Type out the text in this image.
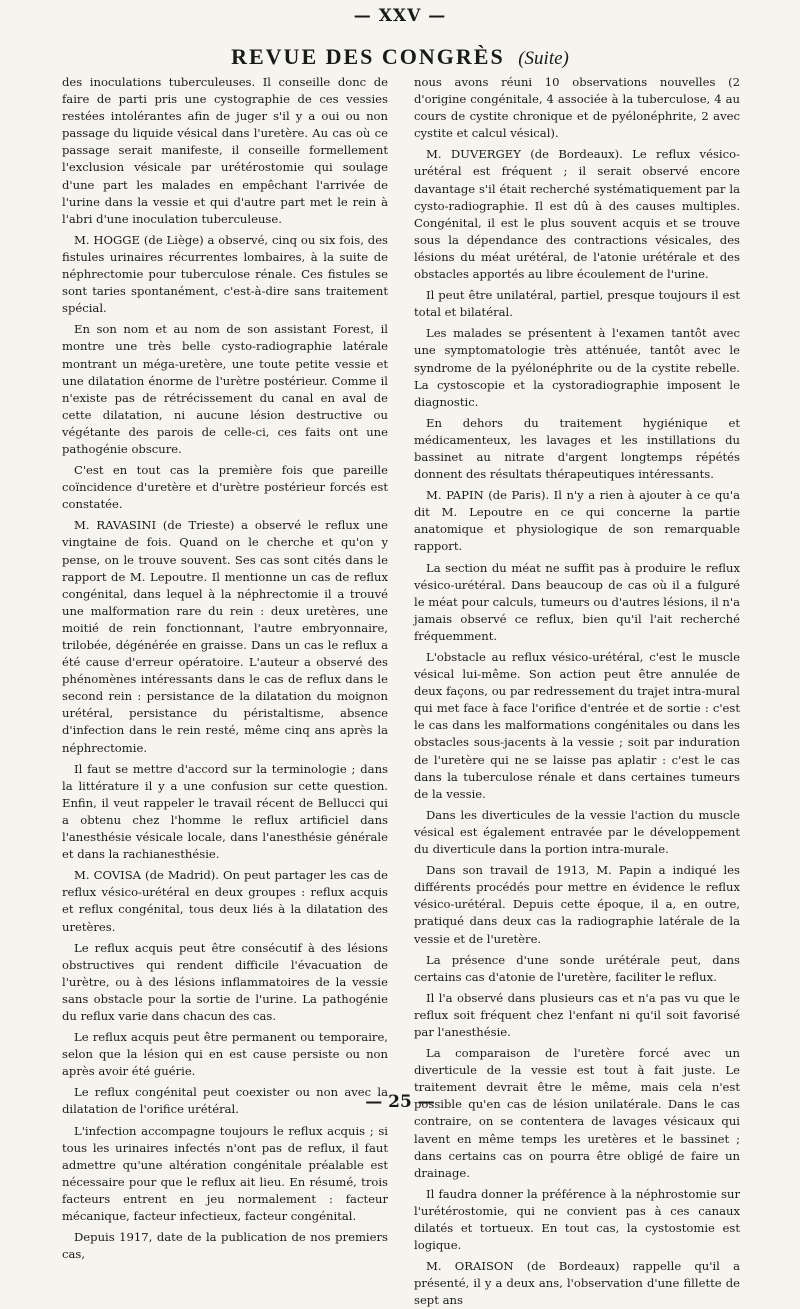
— XXV —
REVUE DES CONGRÈS (Suite)

des inoculations tuberculeuses. Il conseille donc de faire de parti pris une cystographie de ces vessies restées intolérantes afin de juger s'il y a oui ou non passage du liquide vésical dans l'uretère. Au cas où ce passage serait manifeste, il conseille formellement l'exclusion vésicale par urétérostomie qui soulage d'une part les malades en empêchant l'arrivée de l'urine dans la vessie et qui d'autre part met le rein à l'abri d'une inoculation tuberculeuse.

M. HOGGE (de Liège) a observé, cinq ou six fois, des fistules urinaires récurrentes lombaires, à la suite de néphrectomie pour tuberculose rénale. Ces fistules se sont taries spontanément, c'est-à-dire sans traitement spécial.

En son nom et au nom de son assistant Forest, il montre une très belle cysto-radiographie latérale montrant un méga-uretère, une toute petite vessie et une dilatation énorme de l'urètre postérieur. Comme il n'existe pas de rétrécissement du canal en aval de cette dilatation, ni aucune lésion destructive ou végétante des parois de celle-ci, ces faits ont une pathogénie obscure.

C'est en tout cas la première fois que pareille coïncidence d'uretère et d'urètre postérieur forcés est constatée.

M. RAVASINI (de Trieste) a observé le reflux une vingtaine de fois. Quand on le cherche et qu'on y pense, on le trouve souvent. Ses cas sont cités dans le rapport de M. Lepoutre. Il mentionne un cas de reflux congénital, dans lequel à la néphrectomie il a trouvé une malformation rare du rein : deux uretères, une moitié de rein fonctionnant, l'autre embryonnaire, trilobée, dégénérée en graisse. Dans un cas le reflux a été cause d'erreur opératoire. L'auteur a observé des phénomènes intéressants dans le cas de reflux dans le second rein : persistance de la dilatation du moignon urétéral, persistance du péristaltisme, absence d'infection dans le rein resté, même cinq ans après la néphrectomie.

Il faut se mettre d'accord sur la terminologie ; dans la littérature il y a une confusion sur cette question. Enfin, il veut rappeler le travail récent de Bellucci qui a obtenu chez l'homme le reflux artificiel dans l'anesthésie vésicale locale, dans l'anesthésie générale et dans la rachianesthésie.

M. COVISA (de Madrid). On peut partager les cas de reflux vésico-urétéral en deux groupes : reflux acquis et reflux congénital, tous deux liés à la dilatation des uretères.

Le reflux acquis peut être consécutif à des lésions obstructives qui rendent difficile l'évacuation de l'urètre, ou à des lésions inflammatoires de la vessie sans obstacle pour la sortie de l'urine. La pathogénie du reflux varie dans chacun des cas.

Le reflux acquis peut être permanent ou temporaire, selon que la lésion qui en est cause persiste ou non après avoir été guérie.

Le reflux congénital peut coexister ou non avec la dilatation de l'orifice urétéral.

L'infection accompagne toujours le reflux acquis ; si tous les urinaires infectés n'ont pas de reflux, il faut admettre qu'une altération congénitale préalable est nécessaire pour que le reflux ait lieu. En résumé, trois facteurs entrent en jeu normalement : facteur mécanique, facteur infectieux, facteur congénital.

Depuis 1917, date de la publication de nos premiers cas,

nous avons réuni 10 observations nouvelles (2 d'origine congénitale, 4 associée à la tuberculose, 4 au cours de cystite chronique et de pyélonéphrite, 2 avec cystite et calcul vésical).

M. DUVERGEY (de Bordeaux). Le reflux vésico-urétéral est fréquent ; il serait observé encore davantage s'il était recherché systématiquement par la cysto-radiographie. Il est dû à des causes multiples. Congénital, il est le plus souvent acquis et se trouve sous la dépendance des contractions vésicales, des lésions du méat urétéral, de l'atonie urétérale et des obstacles apportés au libre écoulement de l'urine.

Il peut être unilatéral, partiel, presque toujours il est total et bilatéral.

Les malades se présentent à l'examen tantôt avec une symptomatologie très atténuée, tantôt avec le syndrome de la pyélonéphrite ou de la cystite rebelle. La cystoscopie et la cystoradiographie imposent le diagnostic.

En dehors du traitement hygiénique et médicamenteux, les lavages et les instillations du bassinet au nitrate d'argent longtemps répétés donnent des résultats thérapeutiques intéressants.

M. PAPIN (de Paris). Il n'y a rien à ajouter à ce qu'a dit M. Lepoutre en ce qui concerne la partie anatomique et physiologique de son remarquable rapport.

La section du méat ne suffit pas à produire le reflux vésico-urétéral. Dans beaucoup de cas où il a fulguré le méat pour calculs, tumeurs ou d'autres lésions, il n'a jamais observé ce reflux, bien qu'il l'ait recherché fréquemment.

L'obstacle au reflux vésico-urétéral, c'est le muscle vésical lui-même. Son action peut être annulée de deux façons, ou par redressement du trajet intra-mural qui met face à face l'orifice d'entrée et de sortie : c'est le cas dans les malformations congénitales ou dans les obstacles sous-jacents à la vessie ; soit par induration de l'uretère qui ne se laisse pas aplatir : c'est le cas dans la tuberculose rénale et dans certaines tumeurs de la vessie.

Dans les diverticules de la vessie l'action du muscle vésical est également entravée par le développement du diverticule dans la portion intra-murale.

Dans son travail de 1913, M. Papin a indiqué les différents procédés pour mettre en évidence le reflux vésico-urétéral. Depuis cette époque, il a, en outre, pratiqué dans deux cas la radiographie latérale de la vessie et de l'uretère.

La présence d'une sonde urétérale peut, dans certains cas d'atonie de l'uretère, faciliter le reflux.

Il l'a observé dans plusieurs cas et n'a pas vu que le reflux soit fréquent chez l'enfant ni qu'il soit favorisé par l'anesthésie.

La comparaison de l'uretère forcé avec un diverticule de la vessie est tout à fait juste. Le traitement devrait être le même, mais cela n'est possible qu'en cas de lésion unilatérale. Dans le cas contraire, on se contentera de lavages vésicaux qui lavent en même temps les uretères et le bassinet ; dans certains cas on pourra être obligé de faire un drainage.

Il faudra donner la préférence à la néphrostomie sur l'urétérostomie, qui ne convient pas à ces canaux dilatés et tortueux. En tout cas, la cystostomie est logique.

M. ORAISON (de Bordeaux) rappelle qu'il a présenté, il y a deux ans, l'observation d'une fillette de sept ans

— 25 —
